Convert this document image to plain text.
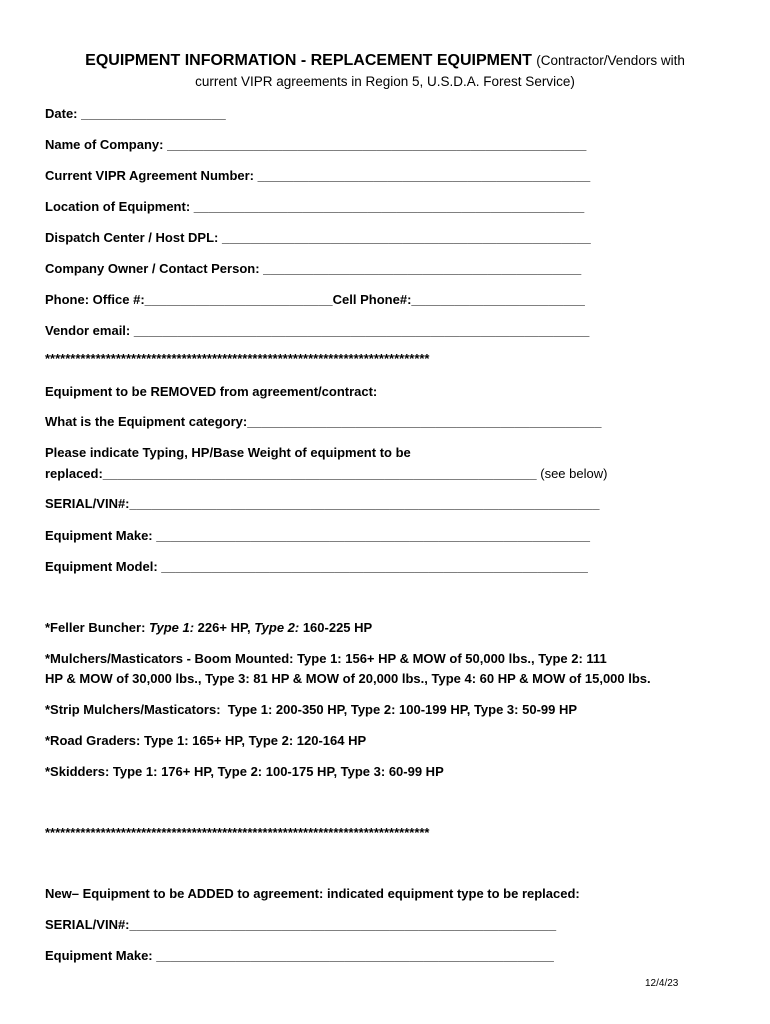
EQUIPMENT INFORMATION - REPLACEMENT EQUIPMENT (Contractor/Vendors with
current VIPR agreements in Region 5, U.S.D.A. Forest Service)
Date: ____________________
Name of Company: __________________________________________________________
Current VIPR Agreement Number: ______________________________________________
Location of Equipment: ______________________________________________________
Dispatch Center / Host DPL: ___________________________________________________
Company Owner / Contact Person: ____________________________________________
Phone: Office #:__________________________Cell Phone#:________________________
Vendor email: _______________________________________________________________
****************************************************************************
Equipment to be REMOVED from agreement/contract:
What is the Equipment category:_________________________________________________
Please indicate Typing, HP/Base Weight of equipment to be
replaced:____________________________________________________________ (see below)
SERIAL/VIN#:_________________________________________________________________
Equipment Make: ____________________________________________________________
Equipment Model: ___________________________________________________________
*Feller Buncher: Type 1: 226+ HP, Type 2: 160-225 HP
*Mulchers/Masticators - Boom Mounted: Type 1: 156+ HP & MOW of 50,000 lbs., Type 2: 111
HP & MOW of 30,000 lbs., Type 3: 81 HP & MOW of 20,000 lbs., Type 4: 60 HP & MOW of 15,000 lbs.
*Strip Mulchers/Masticators:  Type 1: 200-350 HP, Type 2: 100-199 HP, Type 3: 50-99 HP
*Road Graders: Type 1: 165+ HP, Type 2: 120-164 HP
*Skidders: Type 1: 176+ HP, Type 2: 100-175 HP, Type 3: 60-99 HP
****************************************************************************
New– Equipment to be ADDED to agreement: indicated equipment type to be replaced:
SERIAL/VIN#:___________________________________________________________
Equipment Make: _______________________________________________________
12/4/23
